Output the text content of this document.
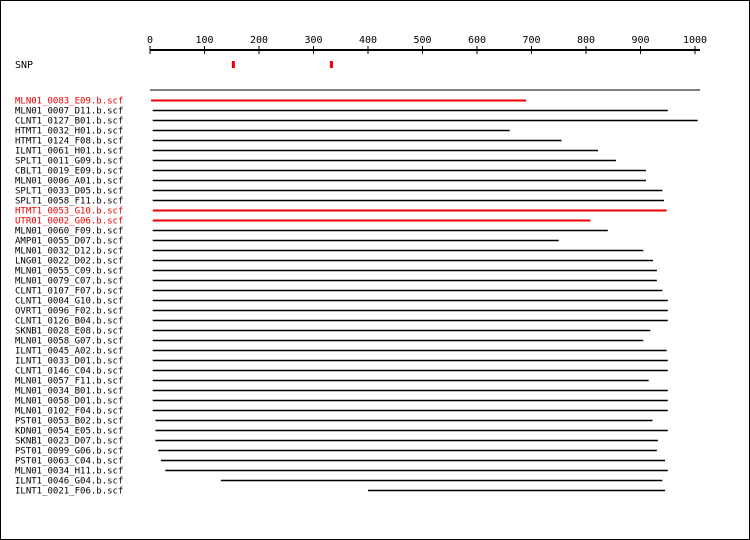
0	100	200	300	400	500	600	700	800	900	1000
SNP
MLN01_0083_E09.b.scf
MLN01_0007_D11.b.scf
CLNT1_0127_B01.b.scf
HTMT1_0032_H01.b.scf
HTMT1_0124_F08.b.scf
ILNT1_0061_H01.b.scf
SPLT1_0011_G09.b.scf
CBLT1_0019_E09.b.scf
MLN01_0006_A01.b.scf
SPLT1_0033_D05.b.scf
SPLT1_0058_F11.b.scf
HTMT1_0053_G10.b.scf
UTR01_0002_G06.b.scf
MLN01_0060_F09.b.scf
AMP01_0055_D07.b.scf
MLN01_0032_D12.b.scf
LNG01_0022_D02.b.scf
MLN01_0055_C09.b.scf
MLN01_0079_C07.b.scf
CLNT1_0107_F07.b.scf
CLNT1_0004_G10.b.scf
OVRT1_0096_F02.b.scf
CLNT1_0126_B04.b.scf
SKNB1_0028_E08.b.scf
MLN01_0058_G07.b.scf
ILNT1_0045_A02.b.scf
ILNT1_0033_D01.b.scf
CLNT1_0146_C04.b.scf
MLN01_0057_F11.b.scf
MLN01_0034_B01.b.scf
MLN01_0058_D01.b.scf
MLN01_0102_F04.b.scf
PST01_0053_B02.b.scf
KDN01_0054_E05.b.scf
SKNB1_0023_D07.b.scf
PST01_0099_G06.b.scf
PST01_0063_C04.b.scf
MLN01_0034_H11.b.scf
ILNT1_0046_G04.b.scf
ILNT1_0021_F06.b.scf
